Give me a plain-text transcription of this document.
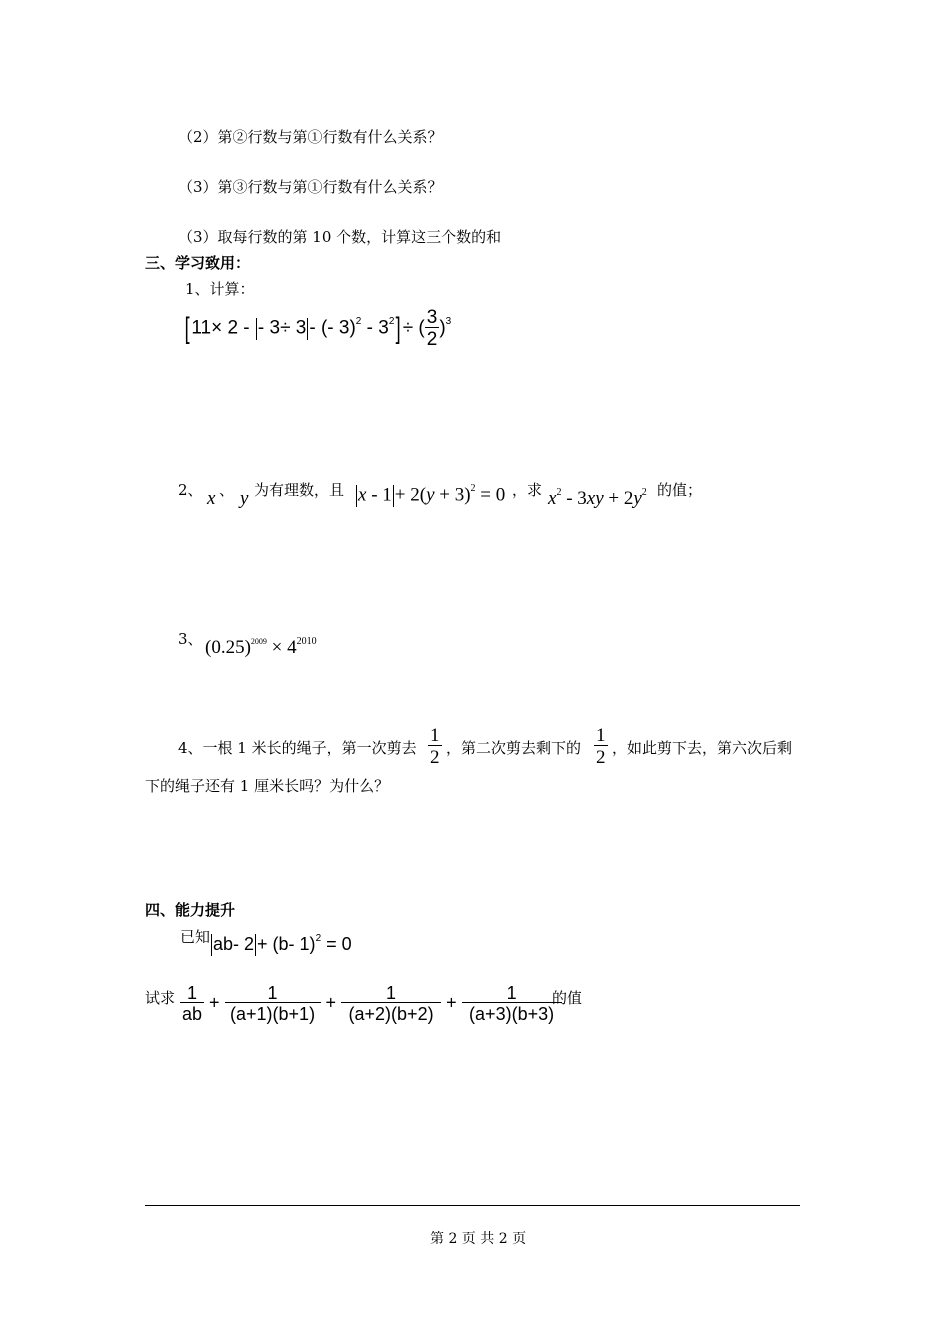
（2）第②行数与第①行数有什么关系？
（3）第③行数与第①行数有什么关系？
（3）取每行数的第 10 个数，计算这三个数的和
三、学习致用：
1、计算：
[11× 2 - - 3÷ 3 - (- $3)^2 - 3^2]\div$ ( $\frac{3}{2} )^3$
2、 x 、 y 为有理数，且 $x - 1 + 2(y + 3)^2 = 0$ ，求 $x^2 - 3xy + 2y^2$ 的值；
3、 $(0.25)^{2009} \times 4^{2010}$
4、一根 1 米长的绳子，第一次剪去 $\frac{1}{2}$ ，第二次剪去剩下的 $\frac{1}{2}$ ，如此剪下去，第六次后剩
下的绳子还有 1 厘米长吗？为什么？
四、能力提升
已知 ab- 2 + (b- 1)$^2$ = 0
试求 $\frac{1}{ab} + \frac{1}{(a+1)(b+1)} + \frac{1}{(a+2)(b+2)} + \frac{1}{(a+3)(b+3)}$
的值
第 2 页 共 2 页
